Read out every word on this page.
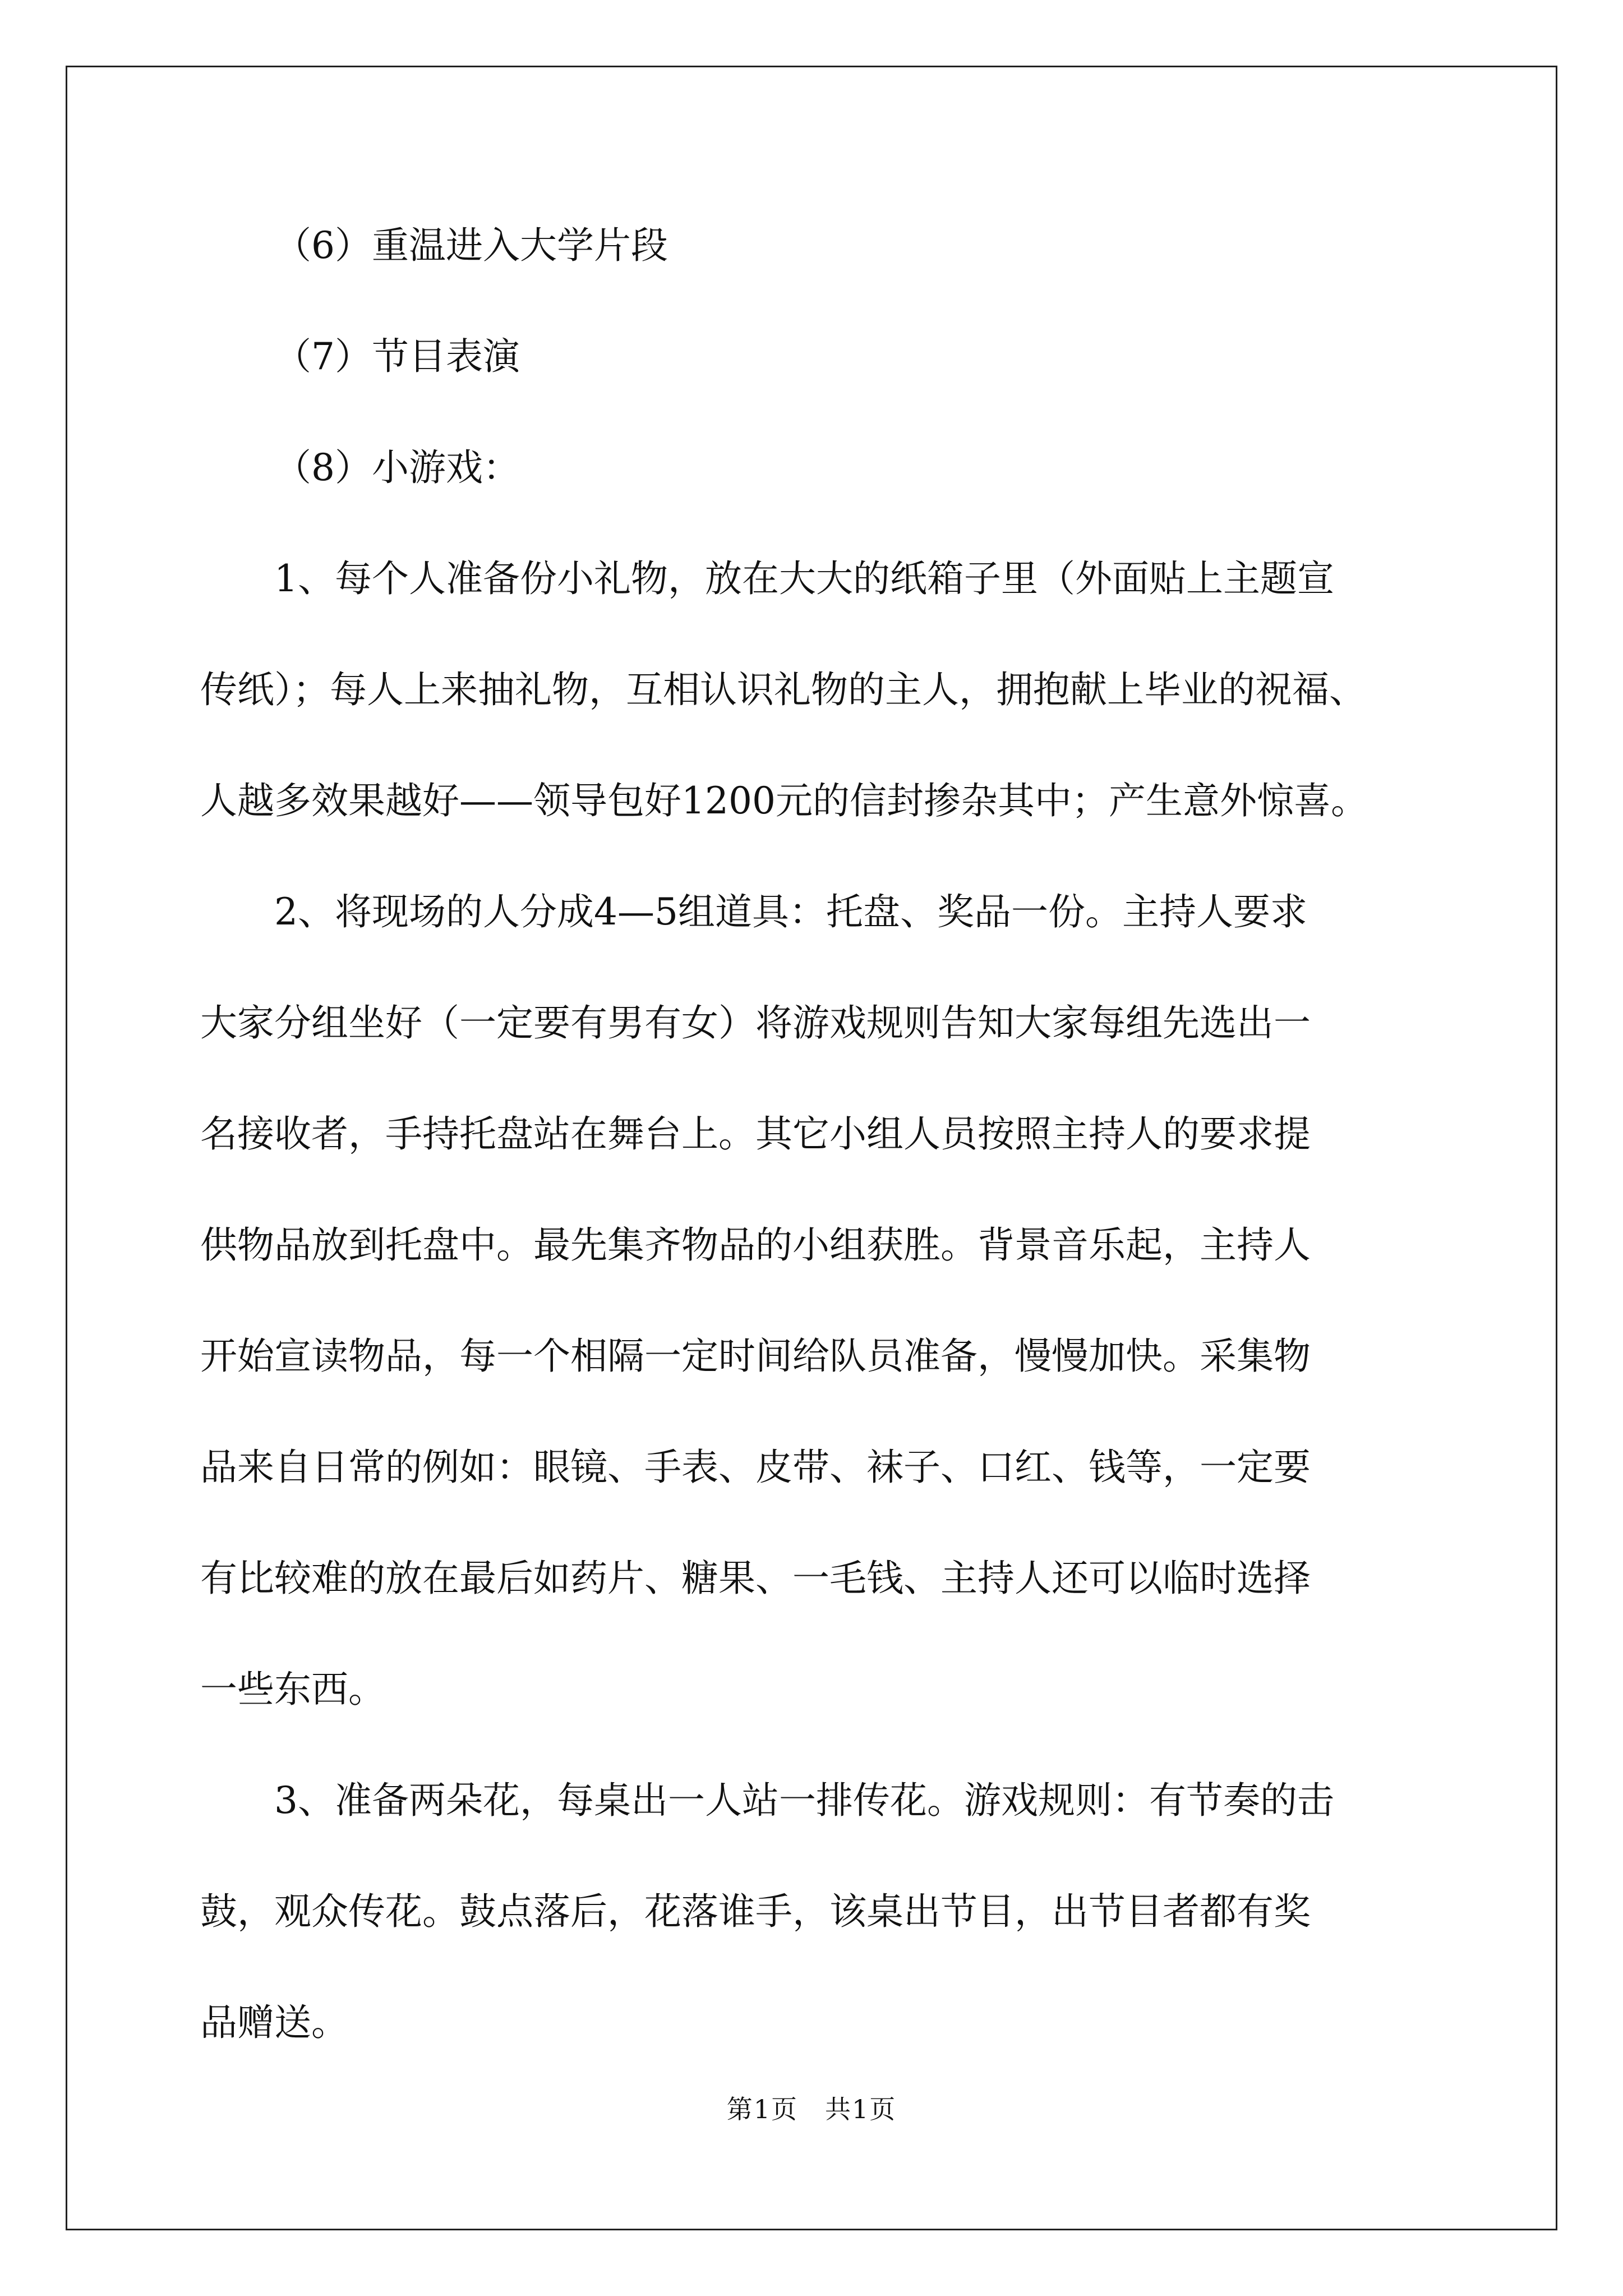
（6）重温进入大学片段

（7）节目表演

（8）小游戏：

1、每个人准备份小礼物，放在大大的纸箱子里（外面贴上主题宣
传纸）；每人上来抽礼物，互相认识礼物的主人，拥抱献上毕业的祝福、
人越多效果越好——领导包好1200元的信封掺杂其中；产生意外惊喜。
2、将现场的人分成4—5组道具：托盘、奖品一份。主持人要求
大家分组坐好（一定要有男有女）将游戏规则告知大家每组先选出一
名接收者，手持托盘站在舞台上。其它小组人员按照主持人的要求提
供物品放到托盘中。最先集齐物品的小组获胜。背景音乐起，主持人
开始宣读物品，每一个相隔一定时间给队员准备，慢慢加快。采集物
品来自日常的例如：眼镜、手表、皮带、袜子、口红、钱等，一定要
有比较难的放在最后如药片、糖果、一毛钱、主持人还可以临时选择
一些东西。
3、准备两朵花，每桌出一人站一排传花。游戏规则：有节奏的击
鼓，观众传花。鼓点落后，花落谁手，该桌出节目，出节目者都有奖
品赠送。
第1页　共1页
